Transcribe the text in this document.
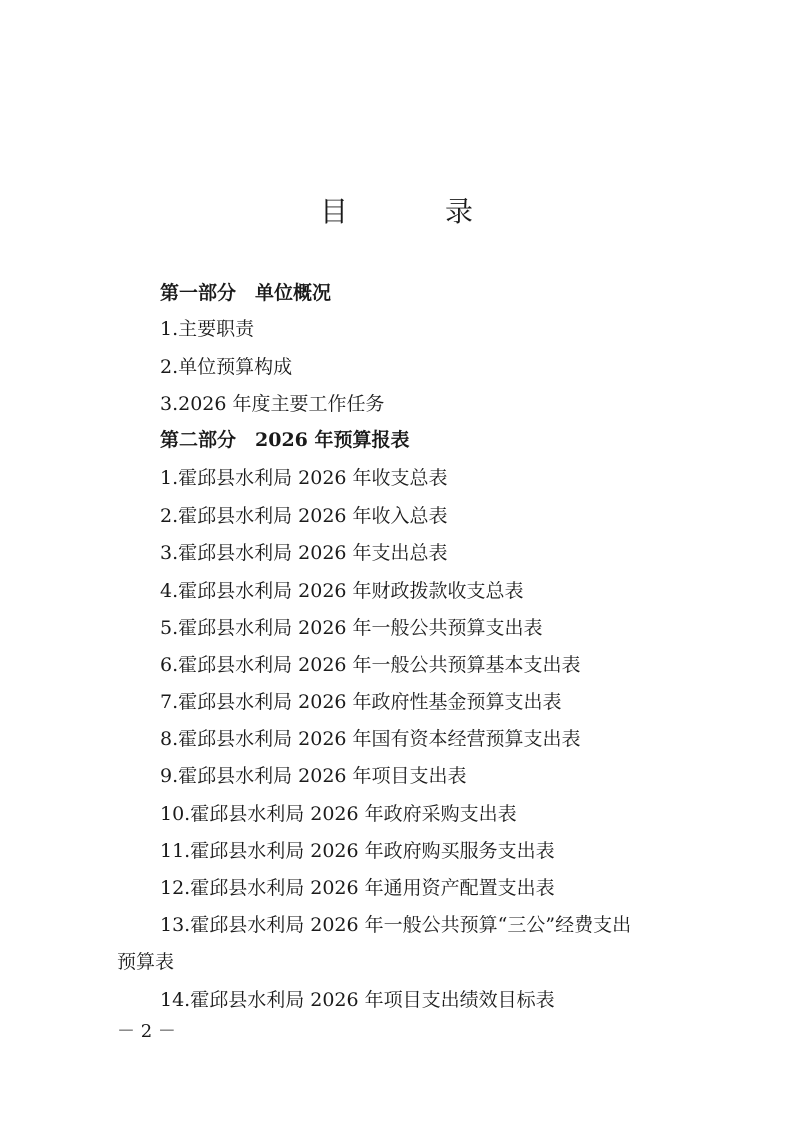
目 录
第一部分　单位概况
1.主要职责
2.单位预算构成
3.2026 年度主要工作任务
第二部分　2026 年预算报表
1.霍邱县水利局 2026 年收支总表
2.霍邱县水利局 2026 年收入总表
3.霍邱县水利局 2026 年支出总表
4.霍邱县水利局 2026 年财政拨款收支总表
5.霍邱县水利局 2026 年一般公共预算支出表
6.霍邱县水利局 2026 年一般公共预算基本支出表
7.霍邱县水利局 2026 年政府性基金预算支出表
8.霍邱县水利局 2026 年国有资本经营预算支出表
9.霍邱县水利局 2026 年项目支出表
10.霍邱县水利局 2026 年政府采购支出表
11.霍邱县水利局 2026 年政府购买服务支出表
12.霍邱县水利局 2026 年通用资产配置支出表
13.霍邱县水利局 2026 年一般公共预算“三公”经费支出
预算表
14.霍邱县水利局 2026 年项目支出绩效目标表
－ 2 －
